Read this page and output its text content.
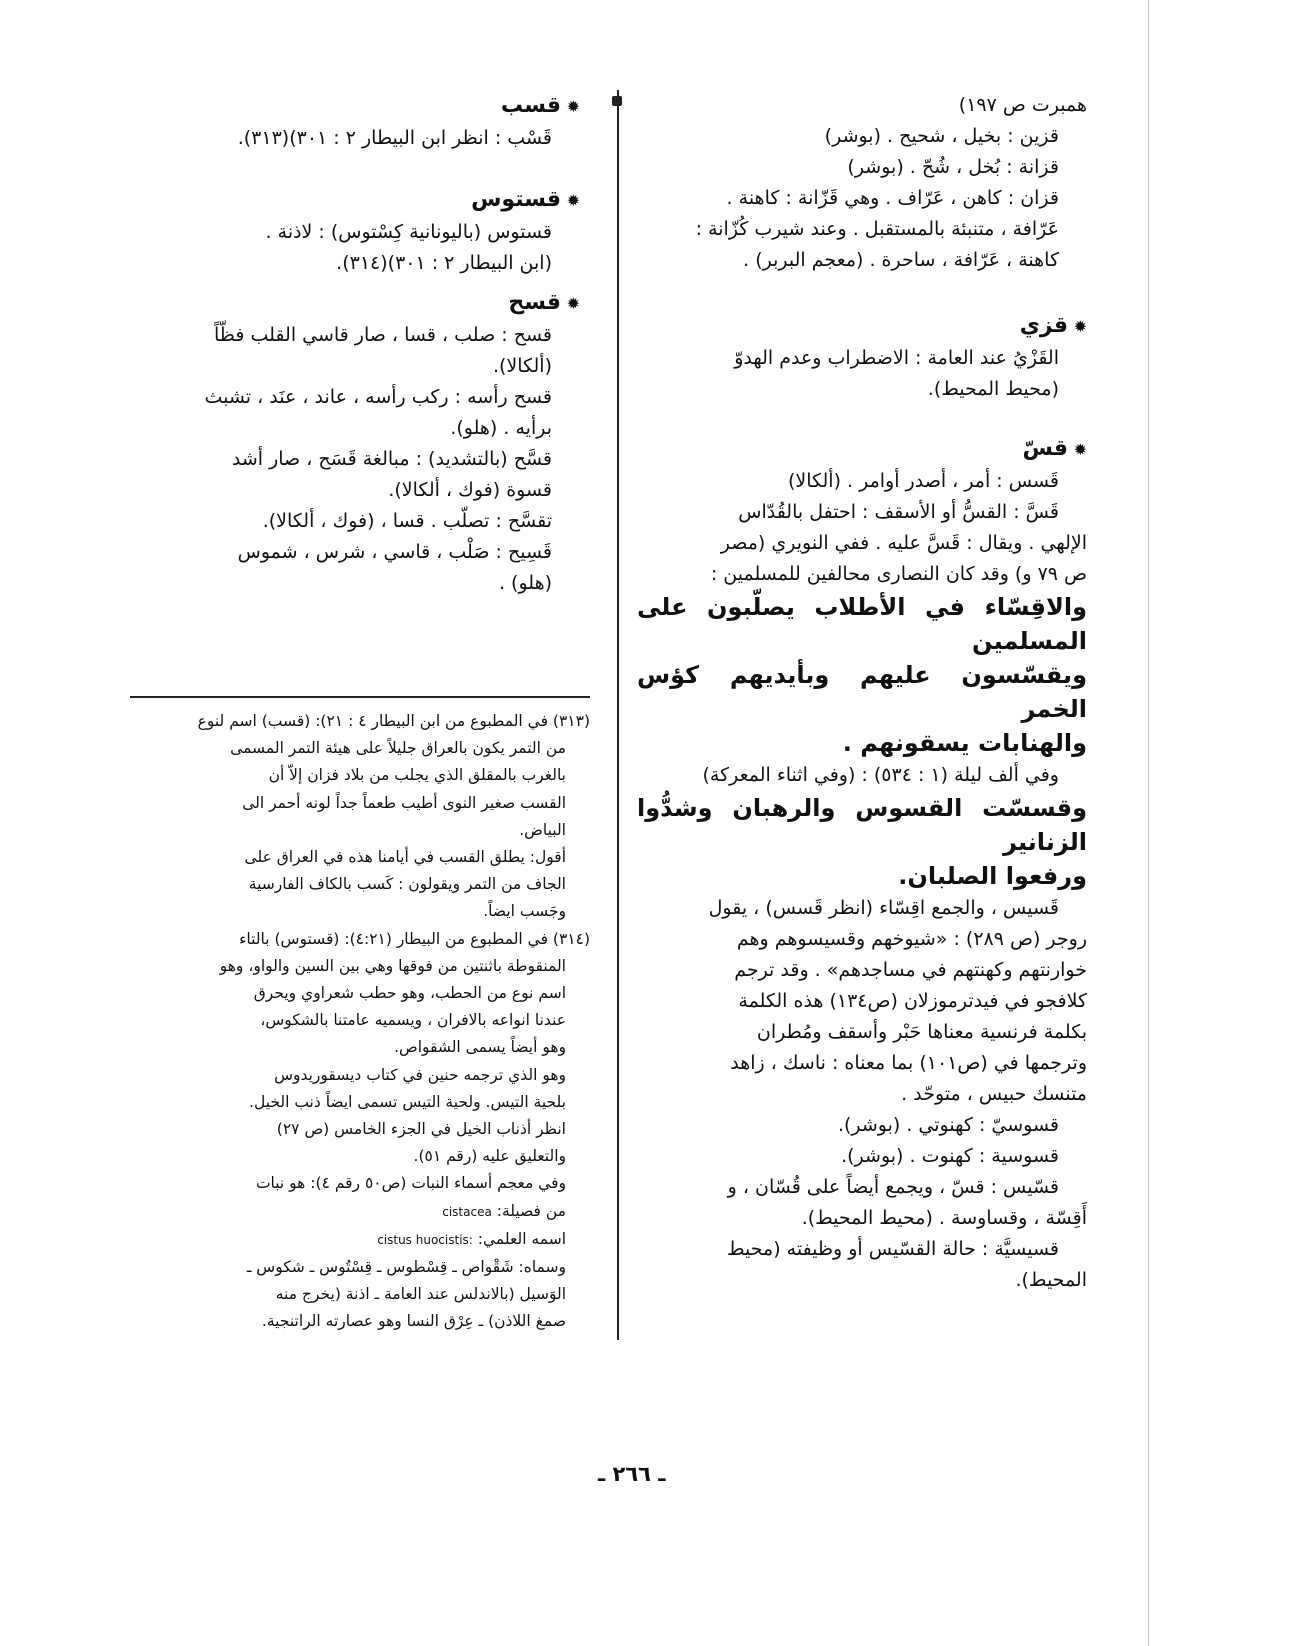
همبرت ص ١٩٧)
قزين : بخيل ، شحيح . (بوشر)
قزانة : بُخل ، شُحّ . (بوشر)
قزان : كاهن ، عَرّاف . وهي قَزّانة : كاهنة .
عَرّافة ، متنبئة بالمستقبل . وعند شيرب كُزّانة :
كاهنة ، عَرّافة ، ساحرة . (معجم البربر) .
✹ قزي
القَزْيُ عند العامة : الاضطراب وعدم الهدوّ
(محيط المحيط).
✹ قسّ
قَسس : أمر ، أصدر أوامر . (ألكالا)
قَسَّ : القسُّ أو الأسقف : احتفل بالقُدّاس
الإلهي . ويقال : قَسَّ عليه . ففي النويري (مصر
ص ٧٩ و) وقد كان النصارى محالفين للمسلمين :
والاقِسّاء في الأطلاب يصلّبون على المسلمين
ويقسّسون عليهم وبأيديهم كؤس الخمر
والهنابات يسقونهم .
وفي ألف ليلة (١ : ٥٣٤) : (وفي اثناء المعركة)
وقسسّت القسوس والرهبان وشدُّوا الزنانير
ورفعوا الصلبان.
قَسيس ، والجمع اقِسّاء (انظر قَسس) ، يقول
روجر (ص ٢٨٩) : «شيوخهم وقسيسوهم وهم
خوارنتهم وكهنتهم في مساجدهم» . وقد ترجم
كلافجو في فيدترموزلان (ص١٣٤) هذه الكلمة
بكلمة فرنسية معناها حَبْر وأسقف ومُطران
وترجمها في (ص١٠١) بما معناه : ناسك ، زاهد
متنسك حبيس ، متوحّد .
قسوسيّ : كهنوتي . (بوشر).
قسوسية : كهنوت . (بوشر).
قسّيس : قسّ ، ويجمع أيضاً على قُسّان ، و
أَقِسّة ، وقساوسة . (محيط المحيط).
قسيسيَّة : حالة القسّيس أو وظيفته (محيط
المحيط).
✹ قسب
قَسْب : انظر ابن البيطار ٢ : ٣٠١)(٣١٣).
✹ قستوس
قستوس (باليونانية كِسْتوس) : لاذنة .
(ابن البيطار ٢ : ٣٠١)(٣١٤).
✹ قسح
قسح : صلب ، قسا ، صار قاسي القلب فظّاً
(ألكالا).
قسح رأسه : ركب رأسه ، عاند ، عنَد ، تشبث
برأيه . (هلو).
قسَّح (بالتشديد) : مبالغة قَسَح ، صار أشد
قسوة (فوك ، ألكالا).
تقسَّح : تصلّب . قسا ، (فوك ، ألكالا).
قَسِيح : صَلْب ، قاسي ، شرس ، شموس
(هلو) .
(٣١٣) في المطبوع من ابن البيطار ٤ : ٢١): (قسب) اسم لنوع
من التمر يكون بالعراق جليلاً على هيئة التمر المسمى
بالغرب بالمقلق الذي يجلب من بلاد فزان إلاّ أن
القسب صغير النوى أطيب طعماً جداً لونه أحمر الى
البياض.
أقول: يطلق القسب في أيامنا هذه في العراق على
الجاف من التمر ويقولون : كَسب بالكاف الفارسية
وجَسب ايضاً.
(٣١٤) في المطبوع من البيطار (٤:٢١): (قستوس) بالتاء
المنقوطة باثنتين من فوقها وهي بين السين والواو، وهو
اسم نوع من الحطب، وهو حطب شعراوي ويحرق
عندنا انواعه بالافران ، ويسميه عامتنا بالشكوس،
وهو أيضاً يسمى الشقواص.
وهو الذي ترجمه حنين في كتاب ديسقوريدوس
بلحية التيس. ولحية التيس تسمى ايضاً ذنب الخيل.
انظر أذناب الخيل في الجزء الخامس (ص ٢٧)
والتعليق عليه (رقم ٥١).
وفي معجم أسماء النبات (ص٥٠ رقم ٤): هو نبات
من فصيلة: cistacea
اسمه العلمي: cistus huocistis:
وسماه: شَقْواص ـ قِسْطوس ـ قِسْتُوس ـ شكوس ـ
الوَسيل (بالاندلس عند العامة ـ اذنة (يخرج منه
صمغ اللاذن) ـ عِرْق النسا وهو عصارته الراتنجية.
ـ ٢٦٦ ـ
